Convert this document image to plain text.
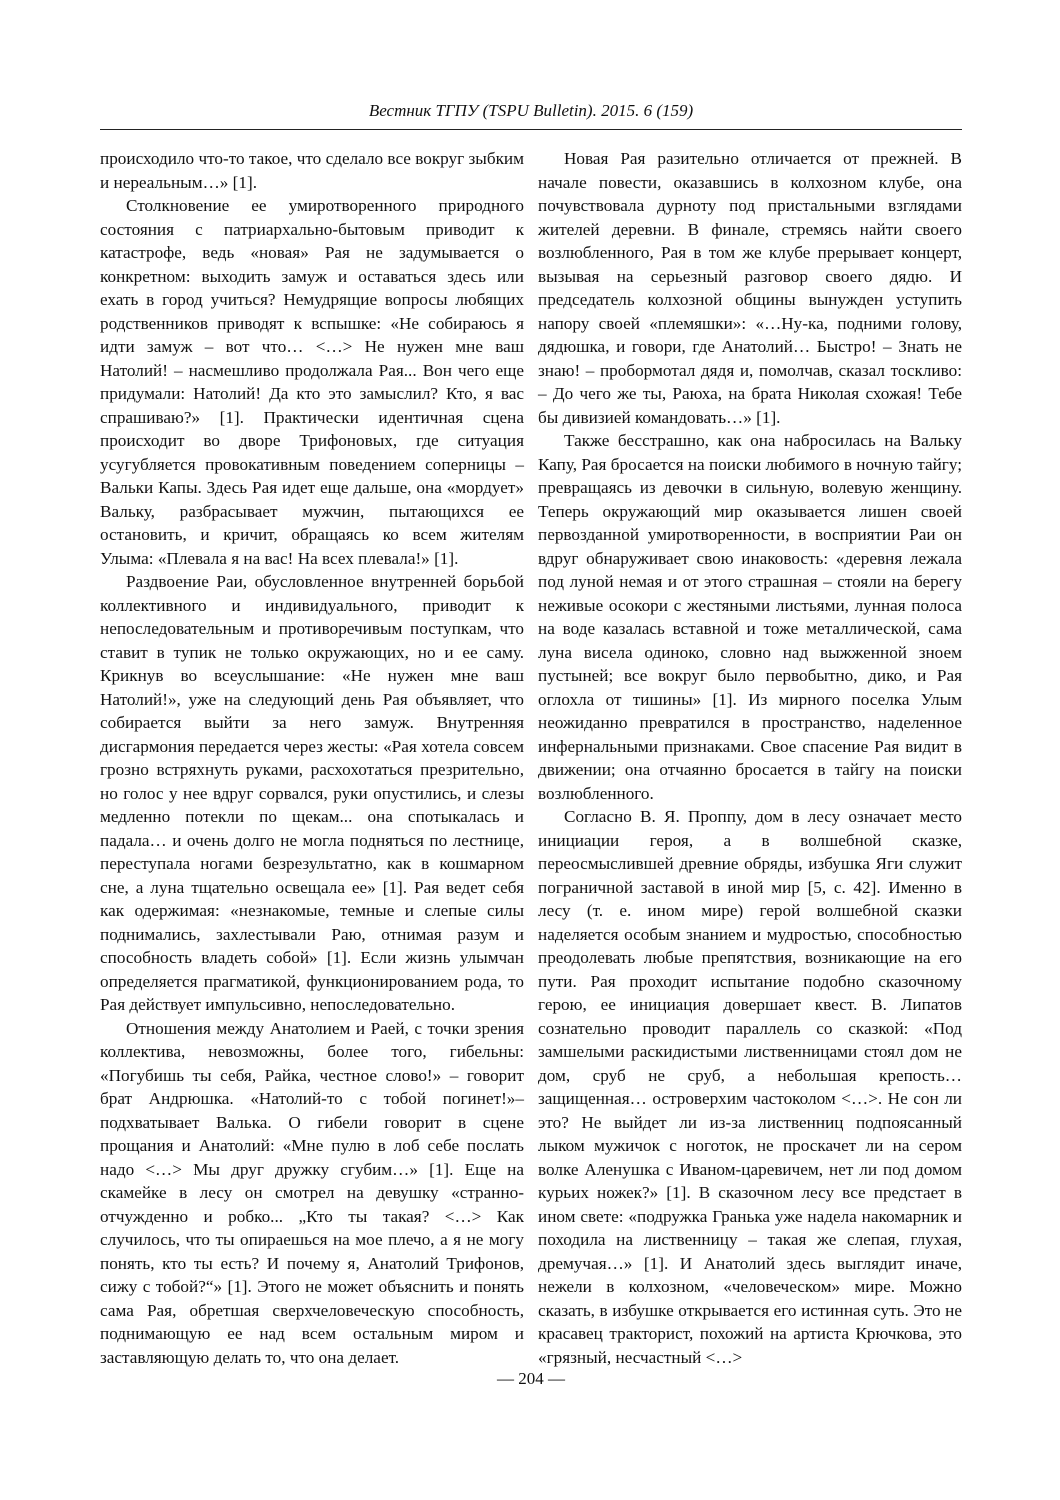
Вестник ТГПУ (TSPU Bulletin). 2015. 6 (159)

происходило что-то такое, что сделало все вокруг зыбким и нереальным…» [1].

Столкновение ее умиротворенного природного состояния с патриархально-бытовым приводит к катастрофе, ведь «новая» Рая не задумывается о конкретном: выходить замуж и оставаться здесь или ехать в город учиться? Немудрящие вопросы любящих родственников приводят к вспышке: «Не собираюсь я идти замуж – вот что… <…> Не нужен мне ваш Натолий! – насмешливо продолжала Рая... Вон чего еще придумали: Натолий! Да кто это замыслил? Кто, я вас спрашиваю?» [1]. Практически идентичная сцена происходит во дворе Трифоновых, где ситуация усугубляется провокативным поведением соперницы – Вальки Капы. Здесь Рая идет еще дальше, она «мордует» Вальку, разбрасывает мужчин, пытающихся ее остановить, и кричит, обращаясь ко всем жителям Улыма: «Плевала я на вас! На всех плевала!» [1].

Раздвоение Раи, обусловленное внутренней борьбой коллективного и индивидуального, приводит к непоследовательным и противоречивым поступкам, что ставит в тупик не только окружающих, но и ее саму. Крикнув во всеуслышание: «Не нужен мне ваш Натолий!», уже на следующий день Рая объявляет, что собирается выйти за него замуж. Внутренняя дисгармония передается через жесты: «Рая хотела совсем грозно встряхнуть руками, расхохотаться презрительно, но голос у нее вдруг сорвался, руки опустились, и слезы медленно потекли по щекам... она спотыкалась и падала… и очень долго не могла подняться по лестнице, переступала ногами безрезультатно, как в кошмарном сне, а луна тщательно освещала ее» [1]. Рая ведет себя как одержимая: «незнакомые, темные и слепые силы поднимались, захлестывали Раю, отнимая разум и способность владеть собой» [1]. Если жизнь улымчан определяется прагматикой, функционированием рода, то Рая действует импульсивно, непоследовательно.

Отношения между Анатолием и Раей, с точки зрения коллектива, невозможны, более того, гибельны: «Погубишь ты себя, Райка, честное слово!» – говорит брат Андрюшка. «Натолий-то с тобой погинет!»– подхватывает Валька. О гибели говорит в сцене прощания и Анатолий: «Мне пулю в лоб себе послать надо <…> Мы друг дружку сгубим…» [1]. Еще на скамейке в лесу он смотрел на девушку «странно-отчужденно и робко... „Кто ты такая? <…> Как случилось, что ты опираешься на мое плечо, а я не могу понять, кто ты есть? И почему я, Анатолий Трифонов, сижу с тобой?“» [1]. Этого не может объяснить и понять сама Рая, обретшая сверхчеловеческую способность, поднимающую ее над всем остальным миром и заставляющую делать то, что она делает.

Новая Рая разительно отличается от прежней. В начале повести, оказавшись в колхозном клубе, она почувствовала дурноту под пристальными взглядами жителей деревни. В финале, стремясь найти своего возлюбленного, Рая в том же клубе прерывает концерт, вызывая на серьезный разговор своего дядю. И председатель колхозной общины вынужден уступить напору своей «племяшки»: «…Ну-ка, подними голову, дядюшка, и говори, где Анатолий… Быстро! – Знать не знаю! – пробормотал дядя и, помолчав, сказал тоскливо: – До чего же ты, Раюха, на брата Николая схожая! Тебе бы дивизией командовать…» [1].

Также бесстрашно, как она набросилась на Вальку Капу, Рая бросается на поиски любимого в ночную тайгу; превращаясь из девочки в сильную, волевую женщину. Теперь окружающий мир оказывается лишен своей первозданной умиротворенности, в восприятии Раи он вдруг обнаруживает свою инаковость: «деревня лежала под луной немая и от этого страшная – стояли на берегу неживые осокори с жестяными листьями, лунная полоса на воде казалась вставной и тоже металлической, сама луна висела одиноко, словно над выжженной зноем пустыней; все вокруг было первобытно, дико, и Рая оглохла от тишины» [1]. Из мирного поселка Улым неожиданно превратился в пространство, наделенное инфернальными признаками. Свое спасение Рая видит в движении; она отчаянно бросается в тайгу на поиски возлюбленного.

Согласно В. Я. Проппу, дом в лесу означает место инициации героя, а в волшебной сказке, переосмыслившей древние обряды, избушка Яги служит пограничной заставой в иной мир [5, с. 42]. Именно в лесу (т. е. ином мире) герой волшебной сказки наделяется особым знанием и мудростью, способностью преодолевать любые препятствия, возникающие на его пути. Рая проходит испытание подобно сказочному герою, ее инициация довершает квест. В. Липатов сознательно проводит параллель со сказкой: «Под замшелыми раскидистыми лиственницами стоял дом не дом, сруб не сруб, а небольшая крепость… защищенная… островерхим частоколом <…>. Не сон ли это? Не выйдет ли из-за лиственниц подпоясанный лыком мужичок с ноготок, не проскачет ли на сером волке Аленушка с Иваном-царевичем, нет ли под домом курьих ножек?» [1]. В сказочном лесу все предстает в ином свете: «подружка Гранька уже надела накомарник и походила на лиственницу – такая же слепая, глухая, дремучая…» [1]. И Анатолий здесь выглядит иначе, нежели в колхозном, «человеческом» мире. Можно сказать, в избушке открывается его истинная суть. Это не красавец тракторист, похожий на артиста Крючкова, это «грязный, несчастный <…>

— 204 —
